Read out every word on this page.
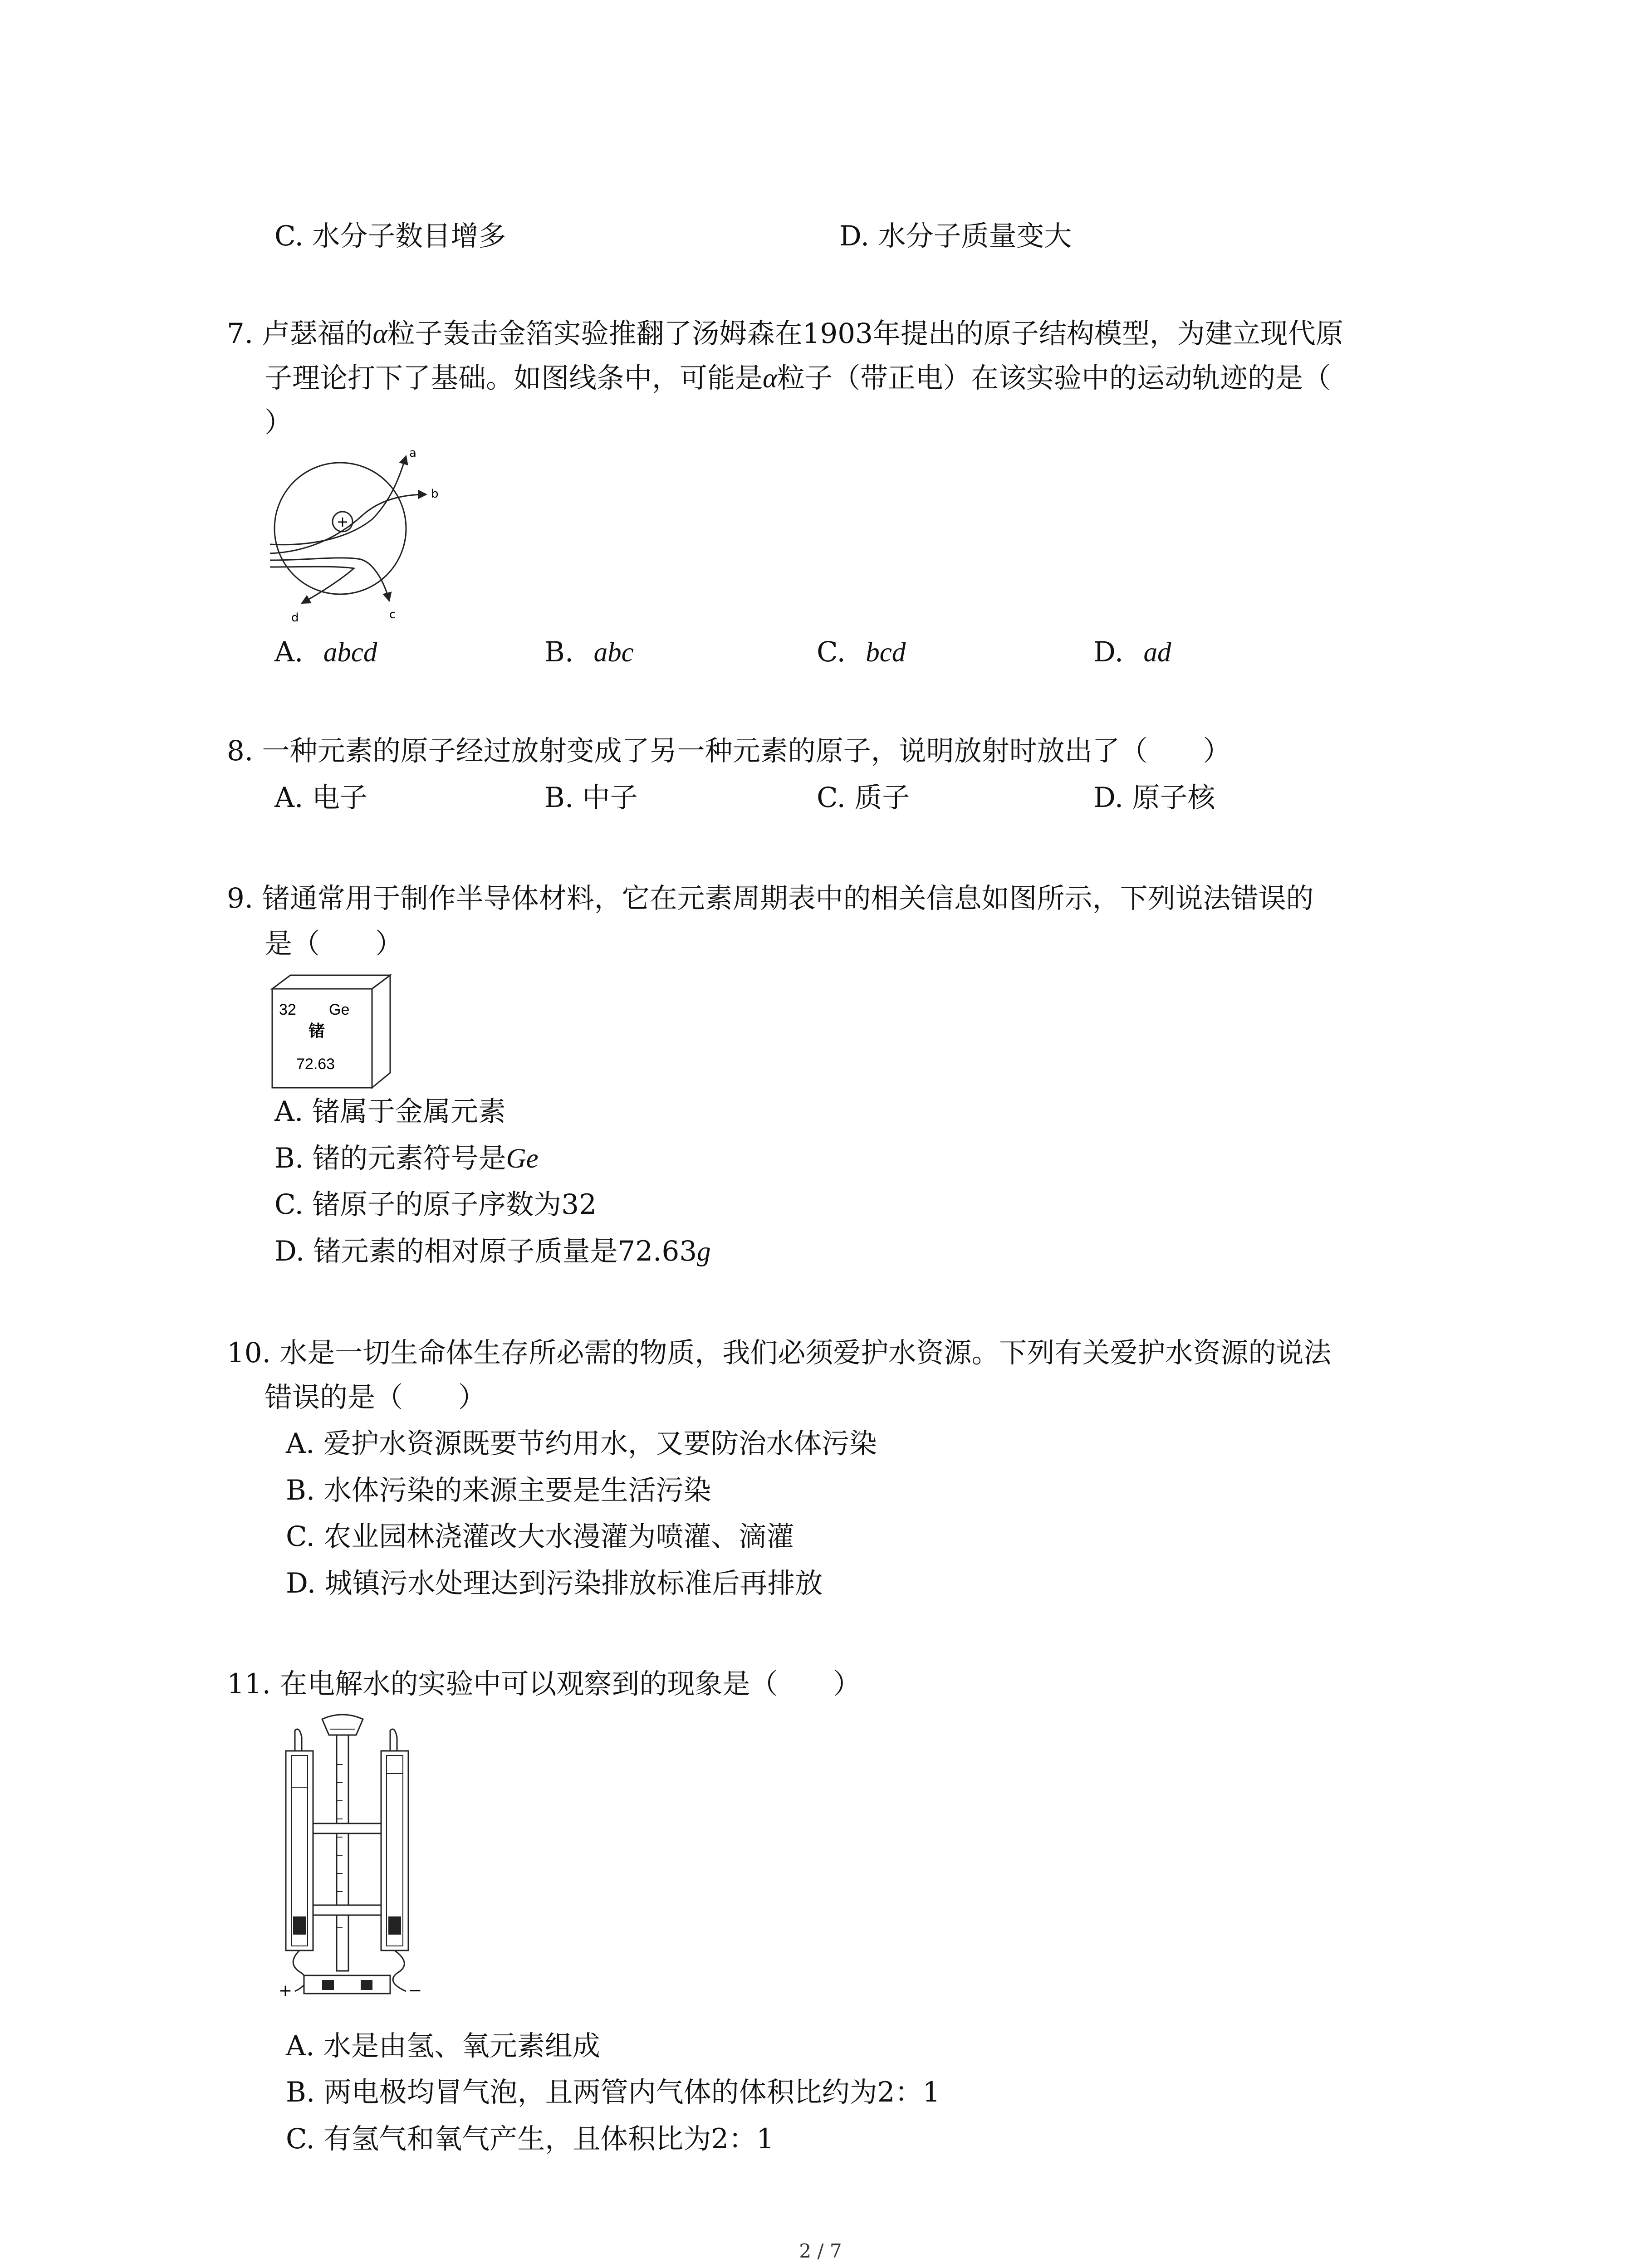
C. 水分子数目增多	D. 水分子质量变大
7. 卢瑟福的α粒子轰击金箔实验推翻了汤姆森在1903年提出的原子结构模型，为建立现代原
子理论打下了基础。如图线条中，可能是α粒子（带正电）在该实验中的运动轨迹的是（
）
+
a
b
c
d
A. abcd	B. abc	C. bcd	D. ad
8. 一种元素的原子经过放射变成了另一种元素的原子，说明放射时放出了（　　）
A. 电子	B. 中子	C. 质子	D. 原子核
9. 锗通常用于制作半导体材料，它在元素周期表中的相关信息如图所示，下列说法错误的
是（　　）
32 Ge
锗
72.63
A. 锗属于金属元素
B. 锗的元素符号是Ge
C. 锗原子的原子序数为32
D. 锗元素的相对原子质量是72.63g
10. 水是一切生命体生存所必需的物质，我们必须爱护水资源。下列有关爱护水资源的说法
错误的是（　　）
A. 爱护水资源既要节约用水，又要防治水体污染
B. 水体污染的来源主要是生活污染
C. 农业园林浇灌改大水漫灌为喷灌、滴灌
D. 城镇污水处理达到污染排放标准后再排放
11. 在电解水的实验中可以观察到的现象是（　　）
+	−
A. 水是由氢、氧元素组成
B. 两电极均冒气泡，且两管内气体的体积比约为2：1
C. 有氢气和氧气产生，且体积比为2：1
2 / 7
